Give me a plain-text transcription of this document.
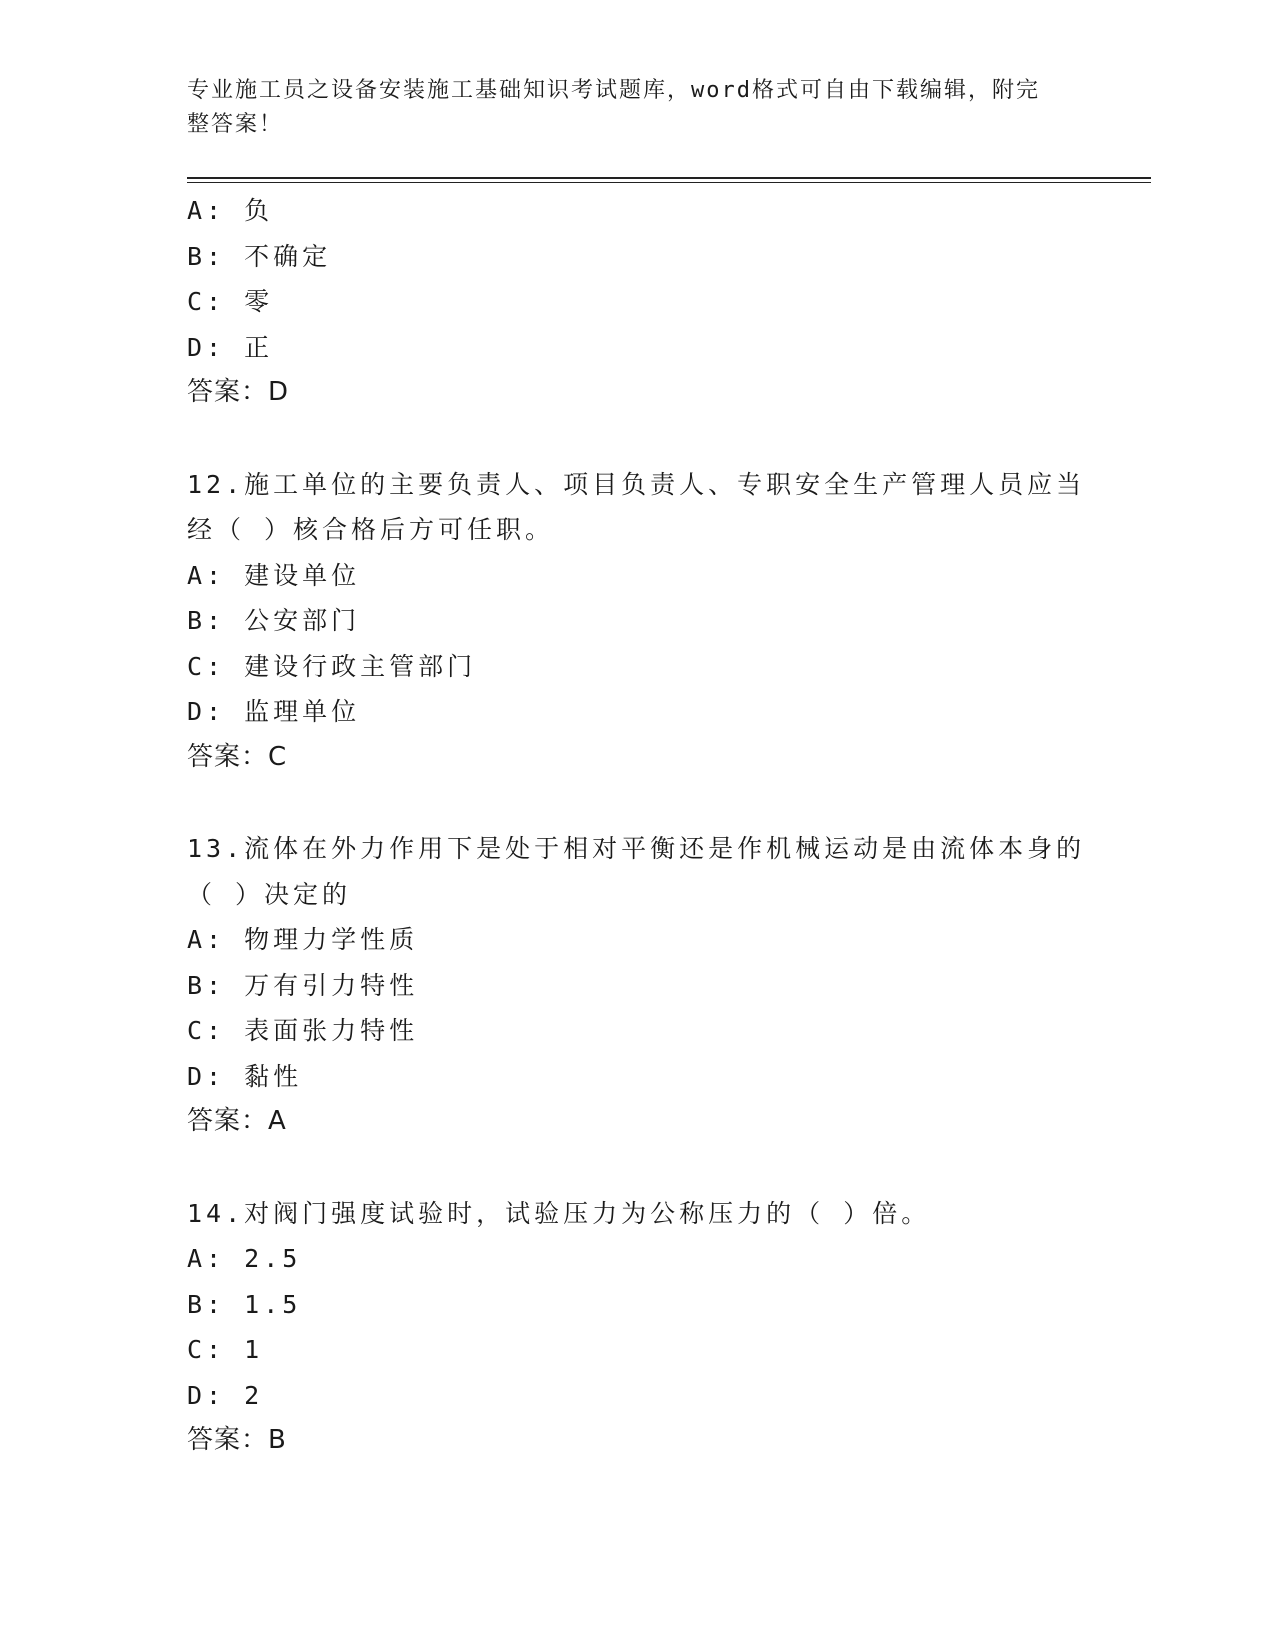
专业施工员之设备安装施工基础知识考试题库，word格式可自由下载编辑，附完
整答案！
A: 负
B: 不确定
C: 零
D: 正
答案：D
12.施工单位的主要负责人、项目负责人、专职安全生产管理人员应当
经（ ）核合格后方可任职。
A: 建设单位
B: 公安部门
C: 建设行政主管部门
D: 监理单位
答案：C
13.流体在外力作用下是处于相对平衡还是作机械运动是由流体本身的
（ ）决定的
A: 物理力学性质
B: 万有引力特性
C: 表面张力特性
D: 黏性
答案：A
14.对阀门强度试验时，试验压力为公称压力的（ ）倍。
A: 2.5
B: 1.5
C: 1
D: 2
答案：B
